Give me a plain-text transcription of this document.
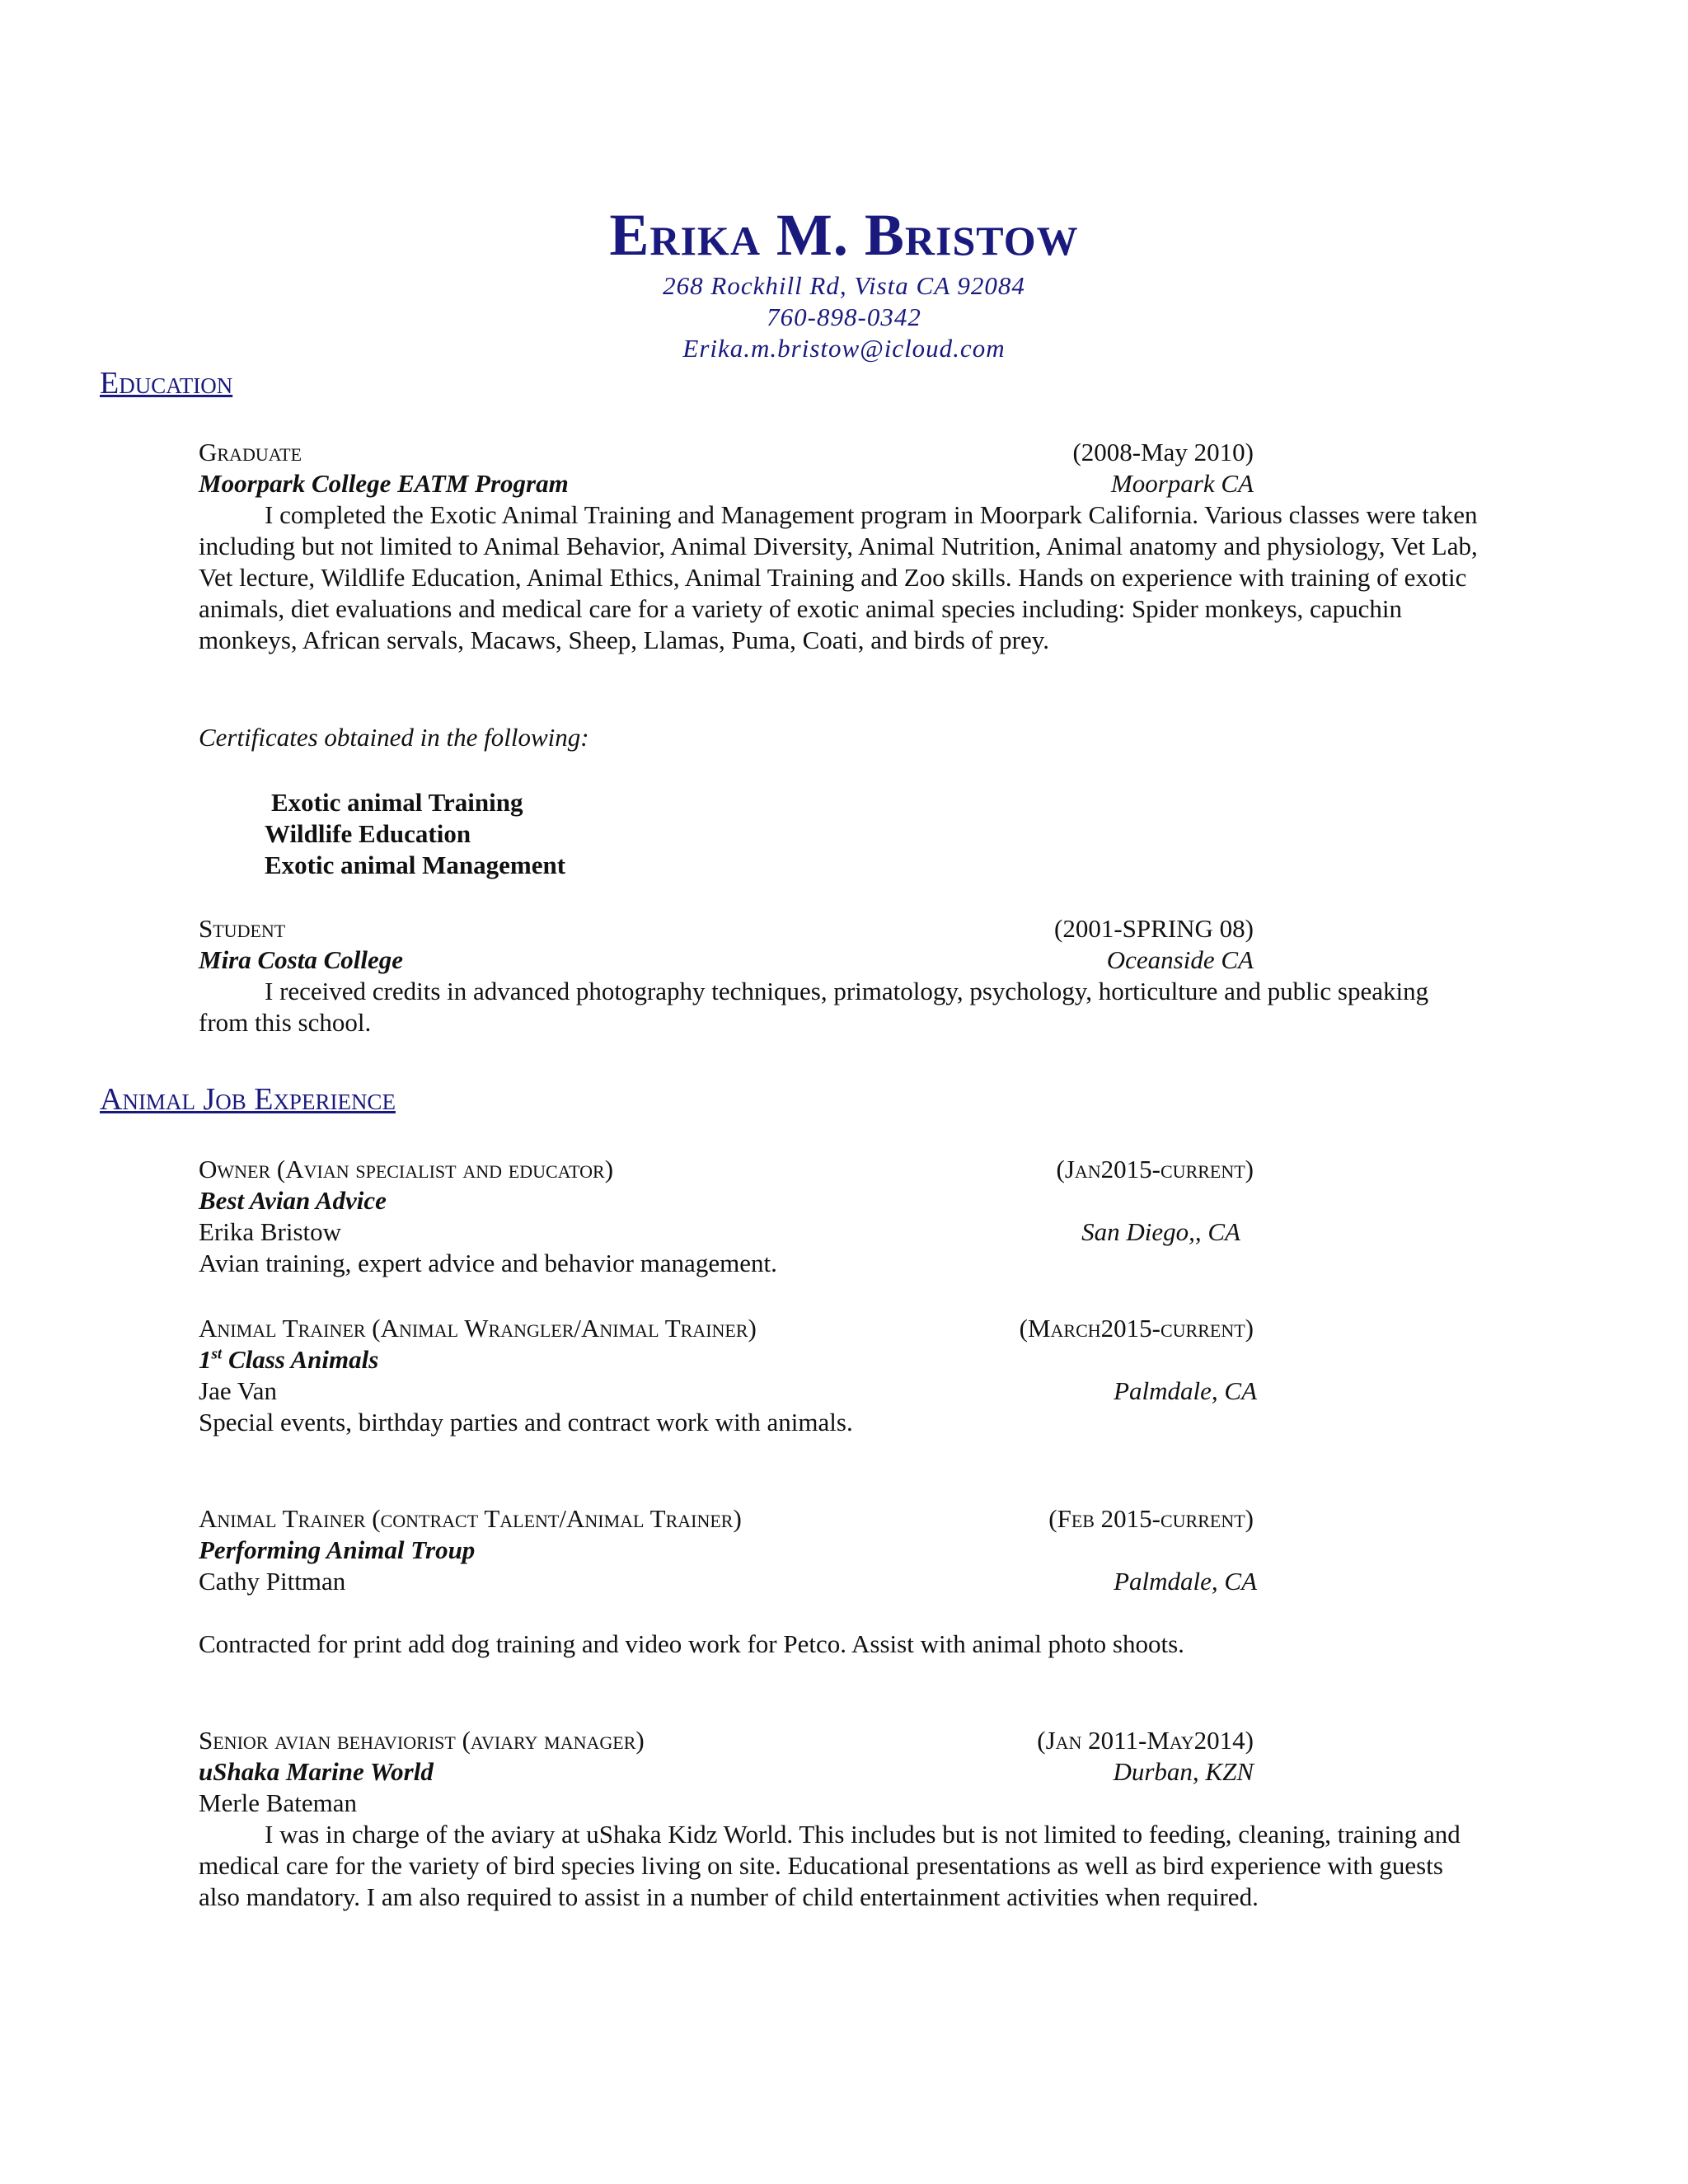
Erika M. Bristow
268 Rockhill Rd, Vista CA 92084
760-898-0342
Erika.m.bristow@icloud.com
Education
Graduate	(2008-May 2010)
Moorpark College EATM Program	Moorpark CA
I completed the Exotic Animal Training and Management program in Moorpark California. Various classes were taken including but not limited to Animal Behavior, Animal Diversity, Animal Nutrition, Animal anatomy and physiology, Vet Lab, Vet lecture, Wildlife Education, Animal Ethics, Animal Training and Zoo skills. Hands on experience with training of exotic animals, diet evaluations and medical care for a variety of exotic animal species including: Spider monkeys, capuchin monkeys, African servals, Macaws, Sheep, Llamas, Puma, Coati, and birds of prey.
Certificates obtained in the following:
Exotic animal Training
Wildlife Education
Exotic animal Management
Student	(2001-SPRING 08)
Mira Costa College	Oceanside CA
I received credits in advanced photography techniques, primatology, psychology, horticulture and public speaking from this school.
Animal Job Experience
Owner (Avian specialist and educator)	(Jan2015-current)
Best Avian Advice
Erika Bristow	San Diego,, CA
Avian training, expert advice and behavior management.
Animal Trainer (Animal Wrangler/Animal Trainer)	(March2015-current)
1st Class Animals
Jae Van	Palmdale, CA
Special events, birthday parties and contract work with animals.
Animal Trainer (contract Talent/Animal Trainer)	(Feb 2015-current)
Performing Animal Troup
Cathy Pittman	Palmdale, CA
Contracted for print add dog training and video work for Petco. Assist with animal photo shoots.
Senior avian behaviorist (aviary manager)	(Jan 2011-May2014)
uShaka Marine World	Durban, KZN
Merle Bateman
I was in charge of the aviary at uShaka Kidz World. This includes but is not limited to feeding, cleaning, training and medical care for the variety of bird species living on site. Educational presentations as well as bird experience with guests also mandatory. I am also required to assist in a number of child entertainment activities when required.
